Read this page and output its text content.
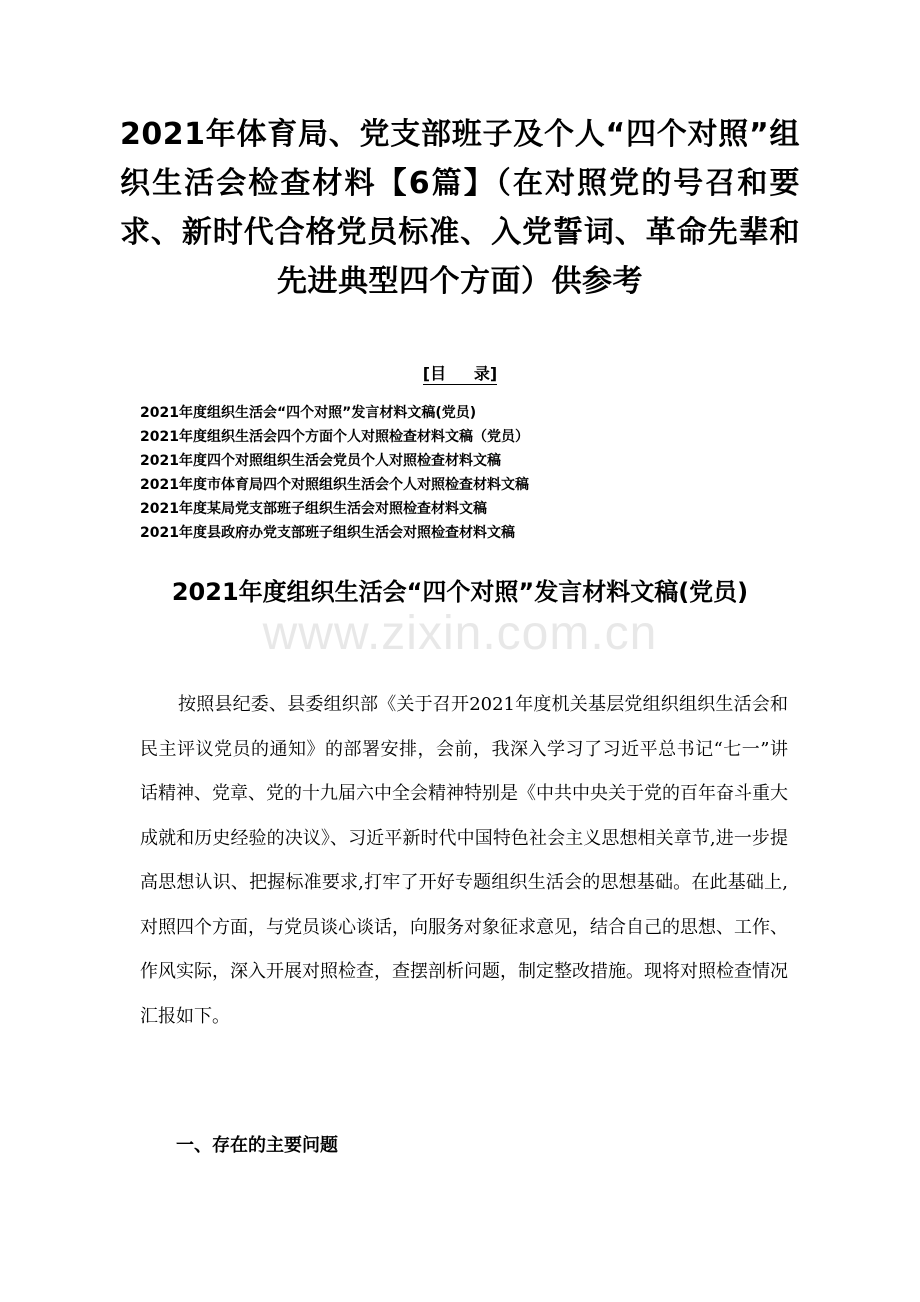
2021年体育局、党支部班子及个人“四个对照”组织生活会检查材料【6篇】（在对照党的号召和要求、新时代合格党员标准、入党誓词、革命先辈和先进典型四个方面）供参考
[目     录]
2021年度组织生活会“四个对照”发言材料文稿(党员)
2021年度组织生活会四个方面个人对照检查材料文稿（党员）
2021年度四个对照组织生活会党员个人对照检查材料文稿
2021年度市体育局四个对照组织生活会个人对照检查材料文稿
2021年度某局党支部班子组织生活会对照检查材料文稿
2021年度县政府办党支部班子组织生活会对照检查材料文稿
2021年度组织生活会“四个对照”发言材料文稿(党员)
www.zixin.com.cn

按照县纪委、县委组织部《关于召开2021年度机关基层党组织组织生活会和民主评议党员的通知》的部署安排，会前，我深入学习了习近平总书记“七一”讲话精神、党章、党的十九届六中全会精神特别是《中共中央关于党的百年奋斗重大成就和历史经验的决议》、习近平新时代中国特色社会主义思想相关章节,进一步提高思想认识、把握标准要求,打牢了开好专题组织生活会的思想基础。在此基础上,对照四个方面，与党员谈心谈话，向服务对象征求意见，结合自己的思想、工作、作风实际，深入开展对照检查，查摆剖析问题，制定整改措施。现将对照检查情况汇报如下。

一、存在的主要问题
